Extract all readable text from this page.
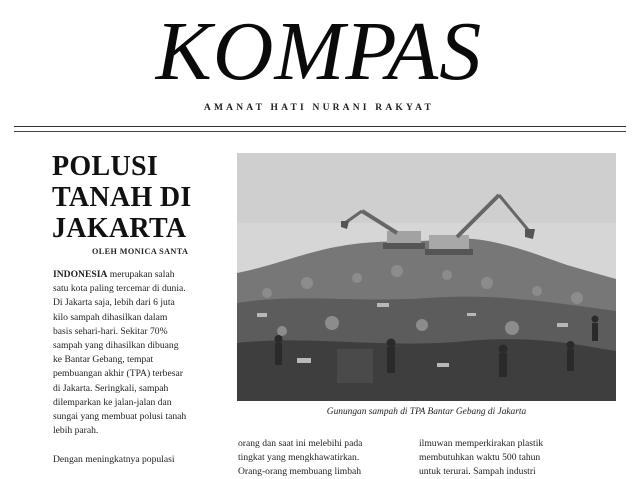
KOMPAS
AMANAT HATI NURANI RAKYAT
POLUSI
TANAH DI
JAKARTA
OLEH MONICA SANTA
INDONESIA merupakan salah
satu kota paling tercemar di dunia.
Di Jakarta saja, lebih dari 6 juta
kilo sampah dihasilkan dalam
basis sehari-hari. Sekitar 70%
sampah yang dihasilkan dibuang
ke Bantar Gebang, tempat
pembuangan akhir (TPA) terbesar
di Jakarta. Seringkali, sampah
dilemparkan ke jalan-jalan dan
sungai yang membuat polusi tanah
lebih parah.

Dengan meningkatnya populasi
Gunungan sampah di TPA Bantar Gebang di Jakarta
orang dan saat ini melebihi pada
tingkat yang mengkhawatirkan.
Orang-orang membuang limbah
ilmuwan memperkirakan plastik
membutuhkan waktu 500 tahun
untuk terurai. Sampah industri
